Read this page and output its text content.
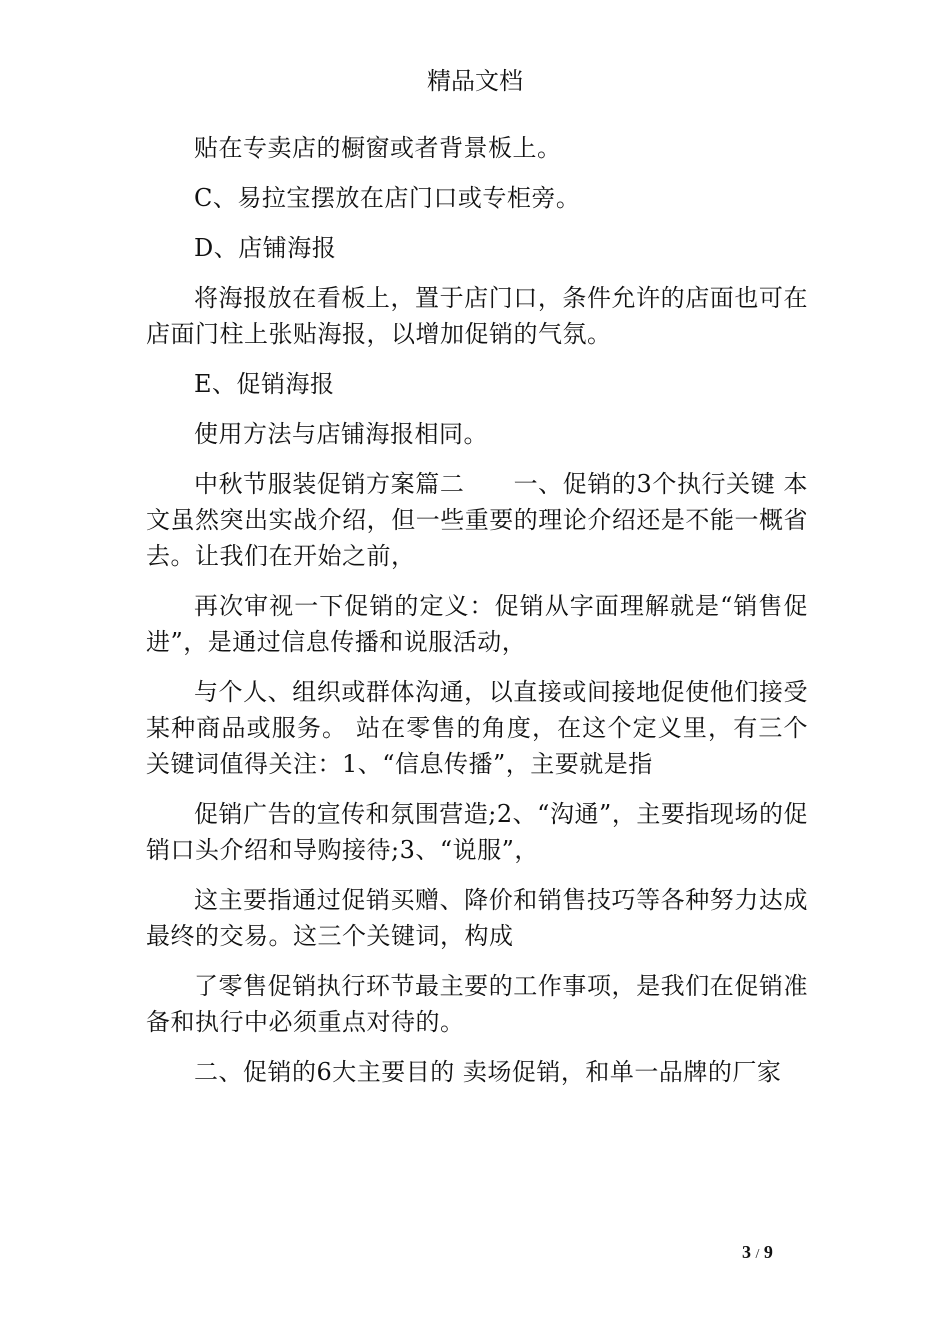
精品文档

贴在专卖店的橱窗或者背景板上。

C、易拉宝摆放在店门口或专柜旁。

D、店铺海报

将海报放在看板上，置于店门口，条件允许的店面也可在店面门柱上张贴海报，以增加促销的气氛。

E、促销海报

使用方法与店铺海报相同。

中秋节服装促销方案篇二　　一、促销的3个执行关键 本文虽然突出实战介绍，但一些重要的理论介绍还是不能一概省去。让我们在开始之前，

再次审视一下促销的定义：促销从字面理解就是“销售促进”，是通过信息传播和说服活动，

与个人、组织或群体沟通，以直接或间接地促使他们接受某种商品或服务。 站在零售的角度，在这个定义里，有三个关键词值得关注：1、“信息传播”，主要就是指

促销广告的宣传和氛围营造;2、“沟通”，主要指现场的促销口头介绍和导购接待;3、“说服”，

这主要指通过促销买赠、降价和销售技巧等各种努力达成最终的交易。这三个关键词，构成

了零售促销执行环节最主要的工作事项，是我们在促销准备和执行中必须重点对待的。

二、促销的6大主要目的 卖场促销，和单一品牌的厂家

3 / 9
